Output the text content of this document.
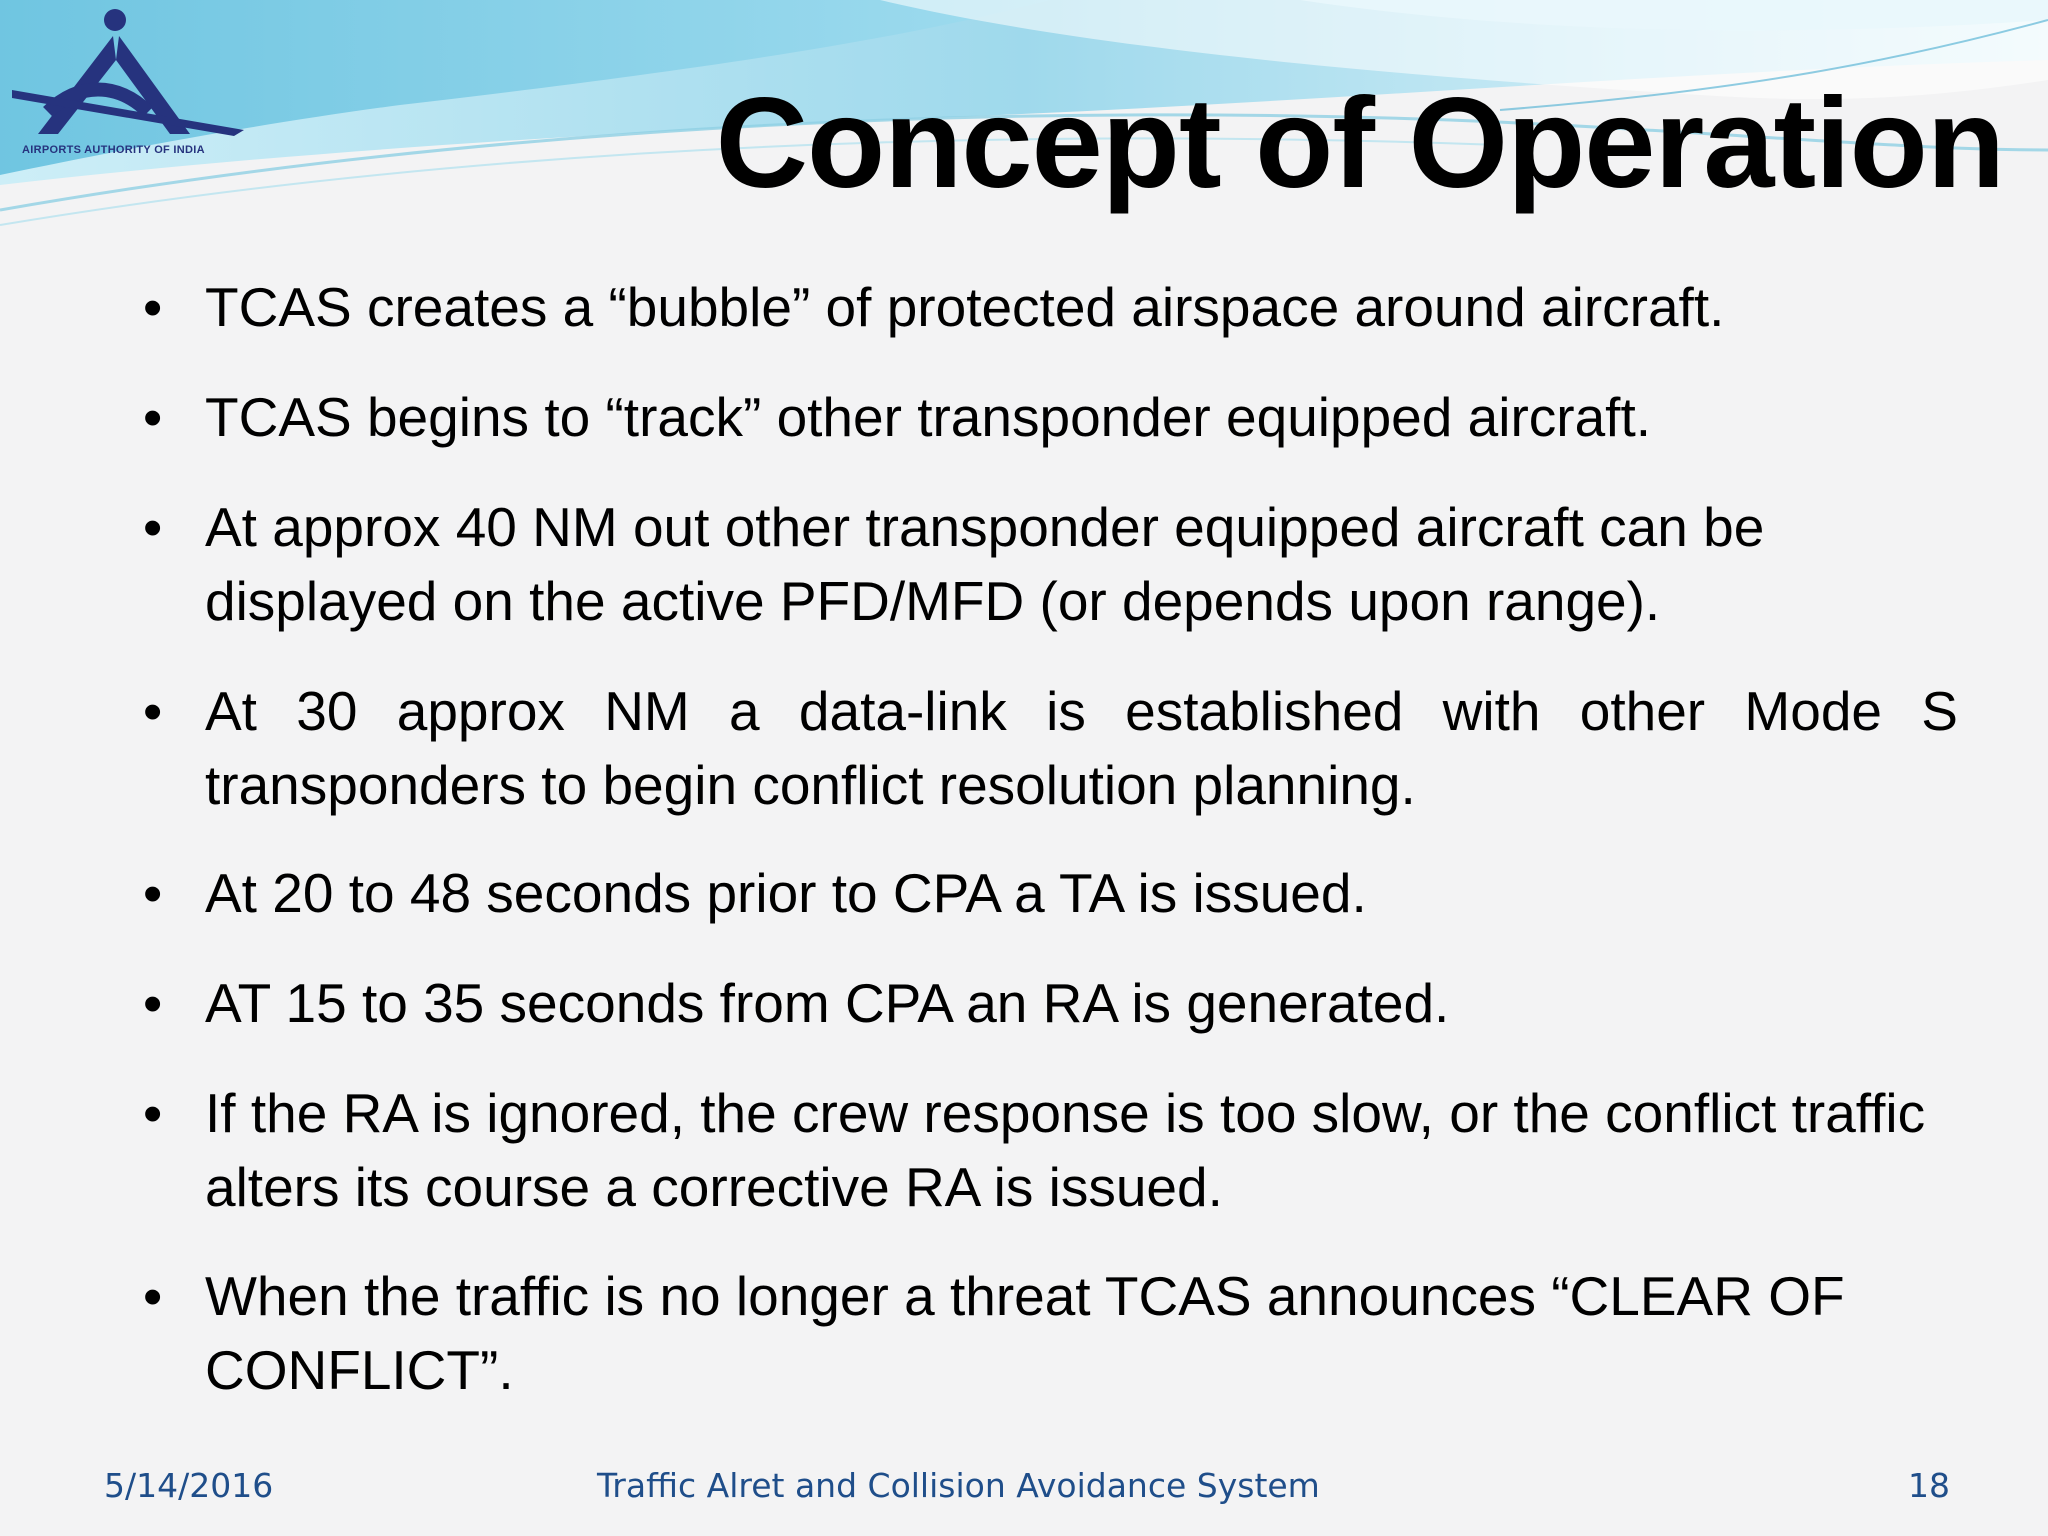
AIRPORTS AUTHORITY OF INDIA	Concept of Operation
• TCAS creates a “bubble” of protected airspace around aircraft.
• TCAS begins to “track” other transponder equipped aircraft.
• At approx 40 NM out other transponder equipped aircraft can be displayed on the active PFD/MFD (or depends upon range).
• At 30 approx NM a data-link is established with other Mode S transponders to begin conflict resolution planning.
• At 20 to 48 seconds prior to CPA a TA is issued.
• AT 15 to 35 seconds from CPA an RA is generated.
• If the RA is ignored, the crew response is too slow, or the conflict traffic alters its course a corrective RA is issued.
• When the traffic is no longer a threat TCAS announces “CLEAR OF CONFLICT”.
5/14/2016	Traffic Alret and Collision Avoidance System	18
